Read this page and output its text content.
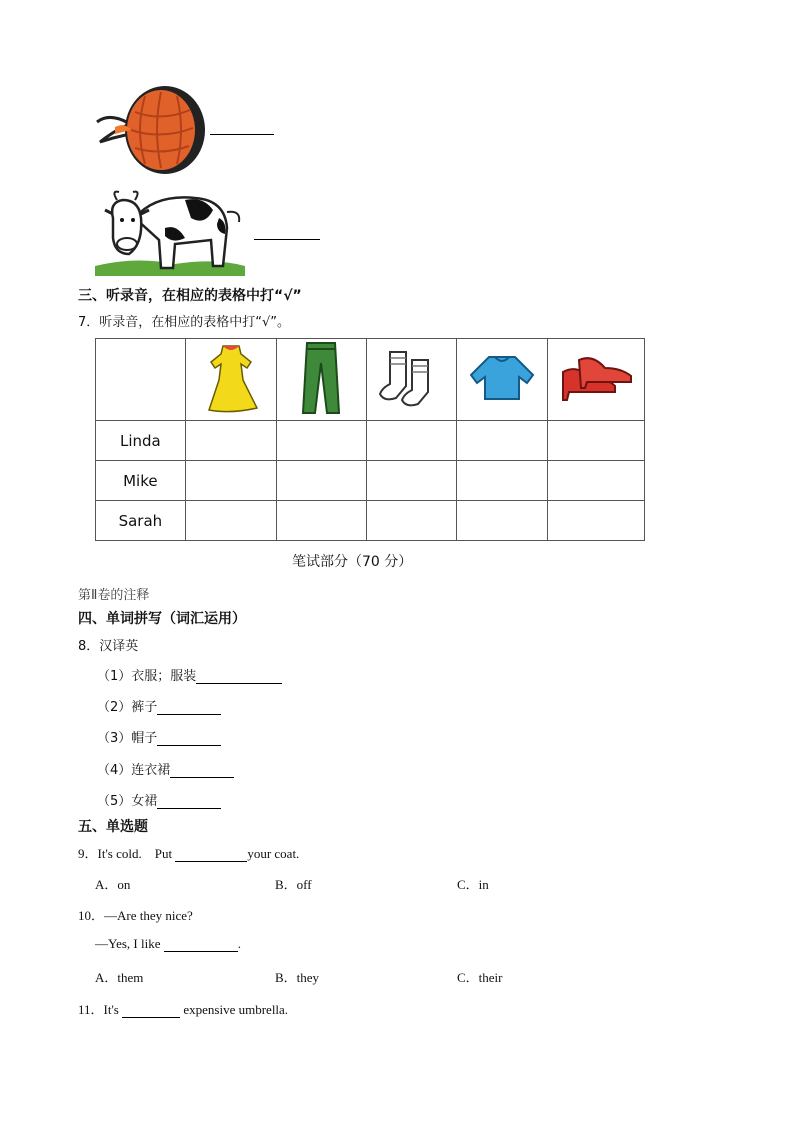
三、听录音，在相应的表格中打“√”
7．听录音，在相应的表格中打“√”。

Linda					
Mike					
Sarah					
笔试部分（70 分）
第Ⅱ卷的注释
四、单词拼写（词汇运用）
8．汉译英
（1）衣服；服装
（2）裤子
（3）帽子
（4）连衣裙
（5）女裙
五、单选题
9．It's cold.　Put	your coat.
A．on	B．off	C．in
10．—Are they nice?
—Yes, I like	.
A．them	B．they	C．their
11．It's	expensive umbrella.
